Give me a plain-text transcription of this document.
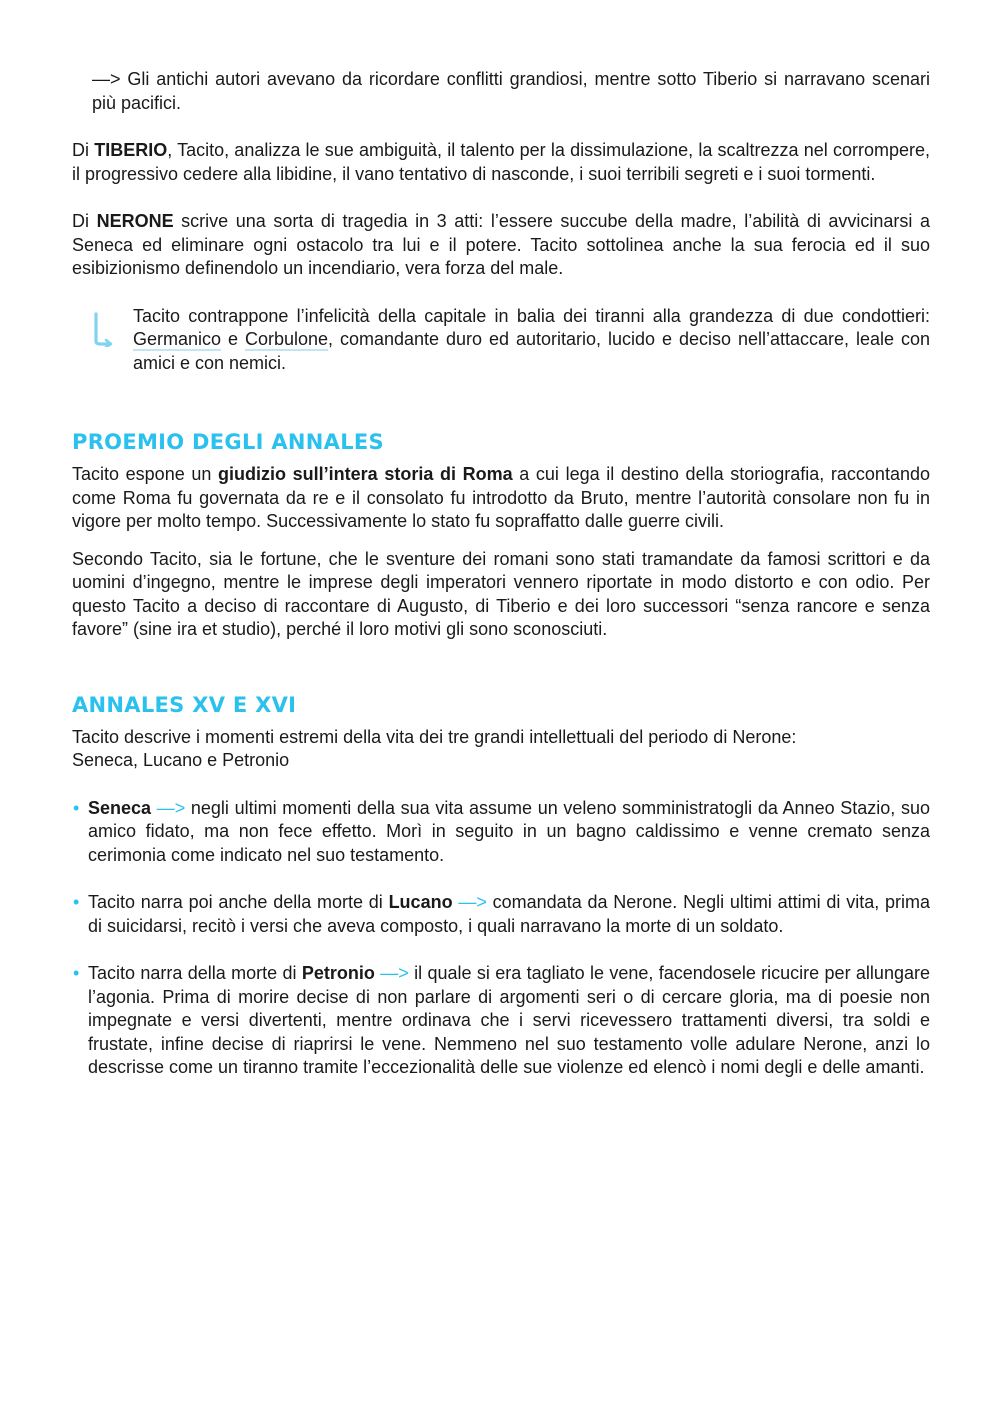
—> Gli antichi autori avevano da ricordare conflitti grandiosi, mentre sotto Tiberio si narravano scenari più pacifici.

Di TIBERIO, Tacito, analizza le sue ambiguità, il talento per la dissimulazione, la scaltrezza nel corrompere, il progressivo cedere alla libidine, il vano tentativo di nasconde, i suoi terribili segreti e i suoi tormenti.

Di NERONE scrive una sorta di tragedia in 3 atti: l’essere succube della madre, l’abilità di avvicinarsi a Seneca ed eliminare ogni ostacolo tra lui e il potere. Tacito sottolinea anche la sua ferocia ed il suo esibizionismo definendolo un incendiario, vera forza del male.

Tacito contrappone l’infelicità della capitale in balia dei tiranni alla grandezza di due condottieri: Germanico e Corbulone, comandante duro ed autoritario, lucido e deciso nell’attaccare, leale con amici e con nemici.

PROEMIO DEGLI ANNALES

Tacito espone un giudizio sull’intera storia di Roma a cui lega il destino della storiografia, raccontando come Roma fu governata da re e il consolato fu introdotto da Bruto, mentre l’autorità consolare non fu in vigore per molto tempo. Successivamente lo stato fu sopraffatto dalle guerre civili.

Secondo Tacito, sia le fortune, che le sventure dei romani sono stati tramandate da famosi scrittori e da uomini d’ingegno, mentre le imprese degli imperatori vennero riportate in modo distorto e con odio. Per questo Tacito a deciso di raccontare di Augusto, di Tiberio e dei loro successori “senza rancore e senza favore” (sine ira et studio), perché il loro motivi gli sono sconosciuti.

ANNALES XV E XVI

Tacito descrive i momenti estremi della vita dei tre grandi intellettuali del periodo di Nerone:
Seneca, Lucano e Petronio

• Seneca —> negli ultimi momenti della sua vita assume un veleno somministratogli da Anneo Stazio, suo amico fidato, ma non fece effetto. Morì in seguito in un bagno caldissimo e venne cremato senza cerimonia come indicato nel suo testamento.

• Tacito narra poi anche della morte di Lucano —> comandata da Nerone. Negli ultimi attimi di vita, prima di suicidarsi, recitò i versi che aveva composto, i quali narravano la morte di un soldato.

• Tacito narra della morte di Petronio —> il quale si era tagliato le vene, facendosele ricucire per allungare l’agonia. Prima di morire decise di non parlare di argomenti seri o di cercare gloria, ma di poesie non impegnate e versi divertenti, mentre ordinava che i servi ricevessero trattamenti diversi, tra soldi e frustate, infine decise di riaprirsi le vene. Nemmeno nel suo testamento volle adulare Nerone, anzi lo descrisse come un tiranno tramite l’eccezionalità delle sue violenze ed elencò i nomi degli e delle amanti.
